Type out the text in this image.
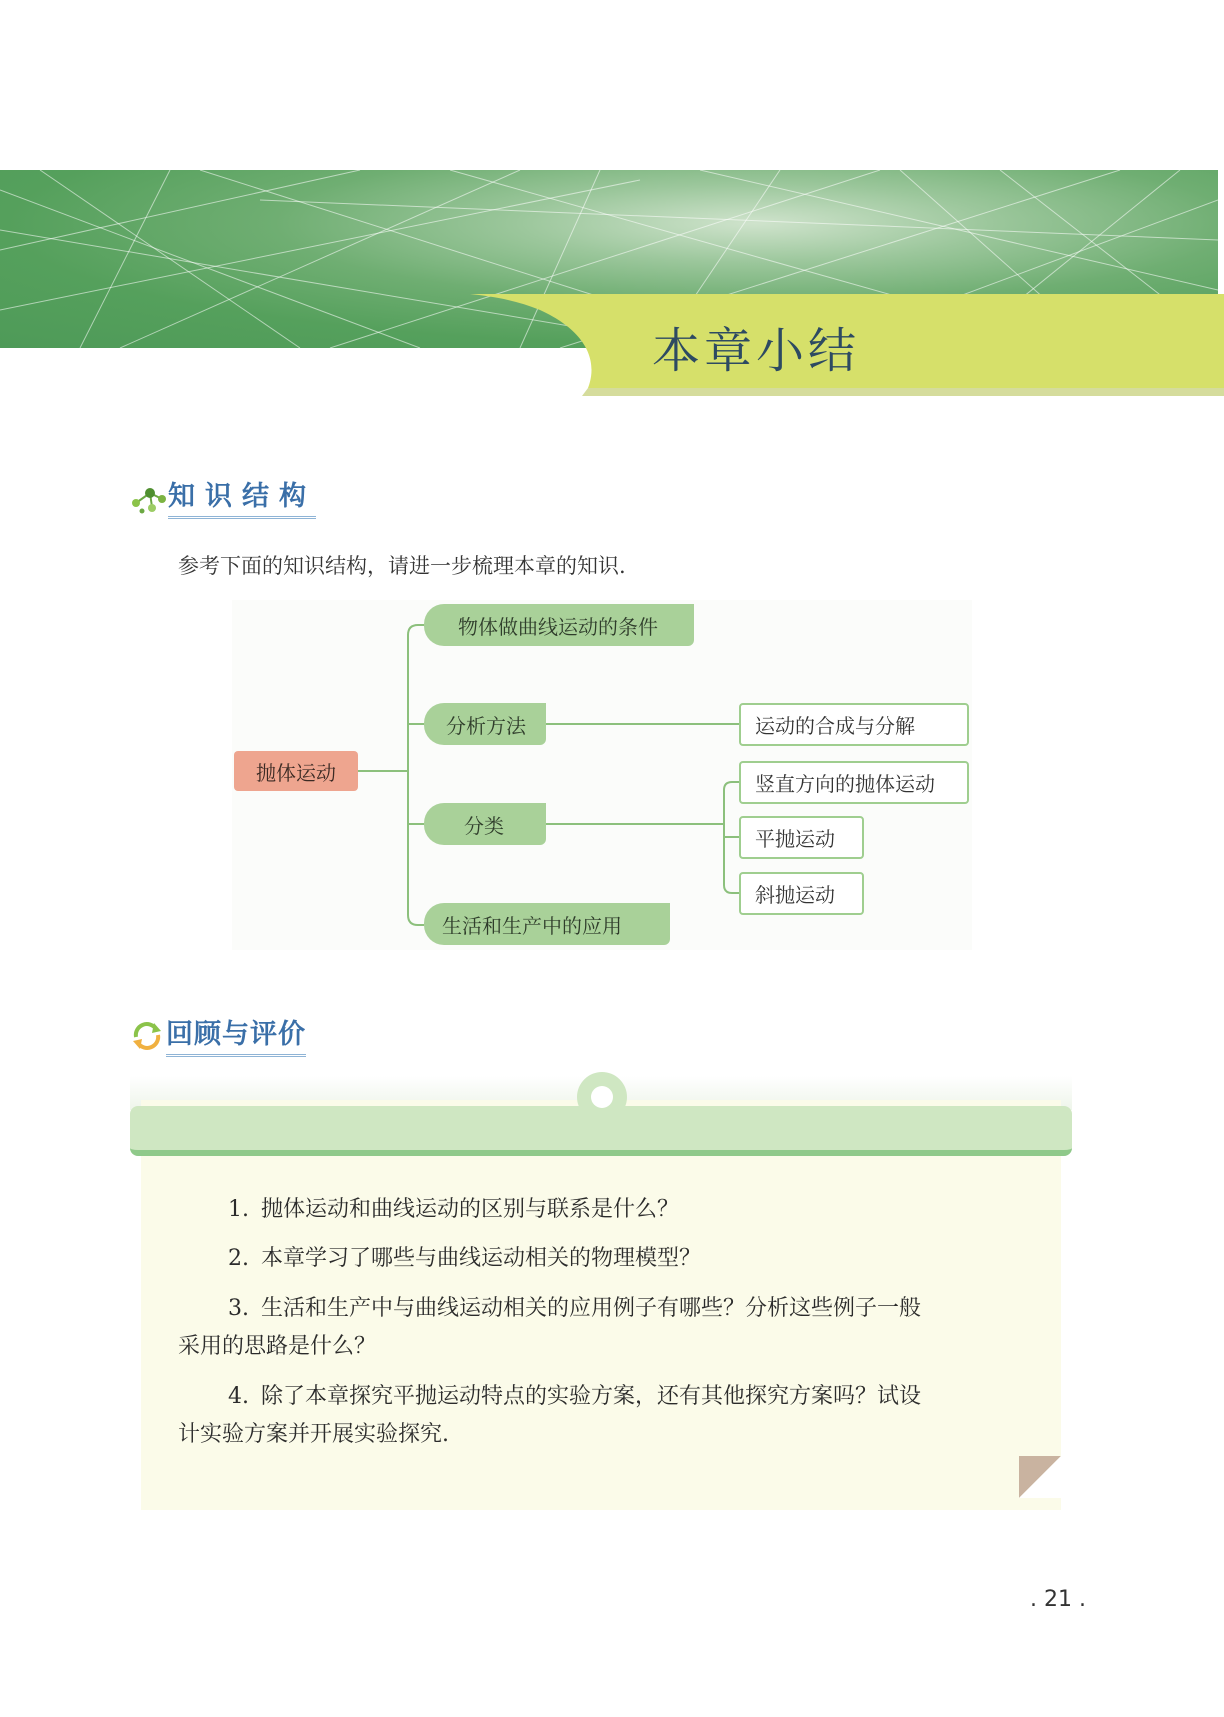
本章小结
知识结构
参考下面的知识结构，请进一步梳理本章的知识.
抛体运动
物体做曲线运动的条件
分析方法
分类
生活和生产中的应用
运动的合成与分解
竖直方向的抛体运动
平抛运动
斜抛运动
回顾与评价
1. 抛体运动和曲线运动的区别与联系是什么？
2. 本章学习了哪些与曲线运动相关的物理模型？
3. 生活和生产中与曲线运动相关的应用例子有哪些？分析这些例子一般
采用的思路是什么？
4. 除了本章探究平抛运动特点的实验方案，还有其他探究方案吗？试设
计实验方案并开展实验探究.
. 21 .
